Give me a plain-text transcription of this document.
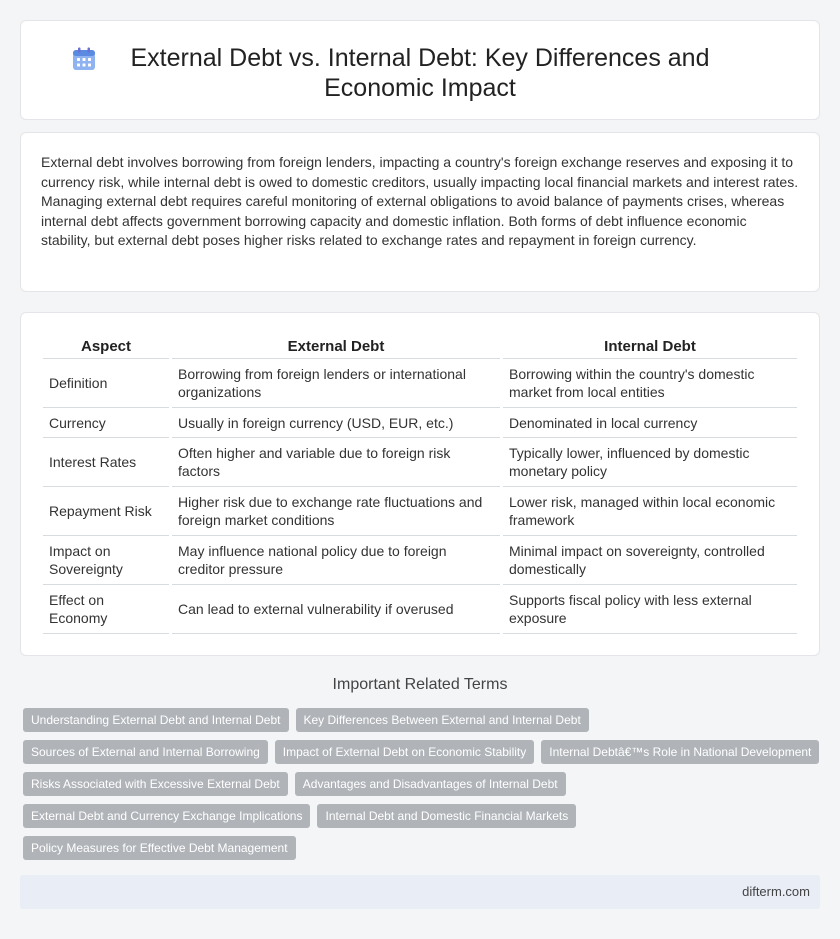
External Debt vs. Internal Debt: Key Differences and Economic Impact

External debt involves borrowing from foreign lenders, impacting a country's foreign exchange reserves and exposing it to currency risk, while internal debt is owed to domestic creditors, usually impacting local financial markets and interest rates. Managing external debt requires careful monitoring of external obligations to avoid balance of payments crises, whereas internal debt affects government borrowing capacity and domestic inflation. Both forms of debt influence economic stability, but external debt poses higher risks related to exchange rates and repayment in foreign currency.

Aspect		External Debt		Internal Debt
Definition		Borrowing from foreign lenders or international organizations		Borrowing within the country's domestic market from local entities
Currency		Usually in foreign currency (USD, EUR, etc.)		Denominated in local currency
Interest Rates		Often higher and variable due to foreign risk factors		Typically lower, influenced by domestic monetary policy
Repayment Risk		Higher risk due to exchange rate fluctuations and foreign market conditions		Lower risk, managed within local economic framework
Impact on Sovereignty		May influence national policy due to foreign creditor pressure		Minimal impact on sovereignty, controlled domestically
Effect on Economy		Can lead to external vulnerability if overused		Supports fiscal policy with less external exposure
Important Related Terms
Understanding External Debt and Internal Debt	Key Differences Between External and Internal Debt
Sources of External and Internal Borrowing	Impact of External Debt on Economic Stability	Internal Debtâ€™s Role in National Development
Risks Associated with Excessive External Debt	Advantages and Disadvantages of Internal Debt
External Debt and Currency Exchange Implications	Internal Debt and Domestic Financial Markets
Policy Measures for Effective Debt Management
difterm.com
